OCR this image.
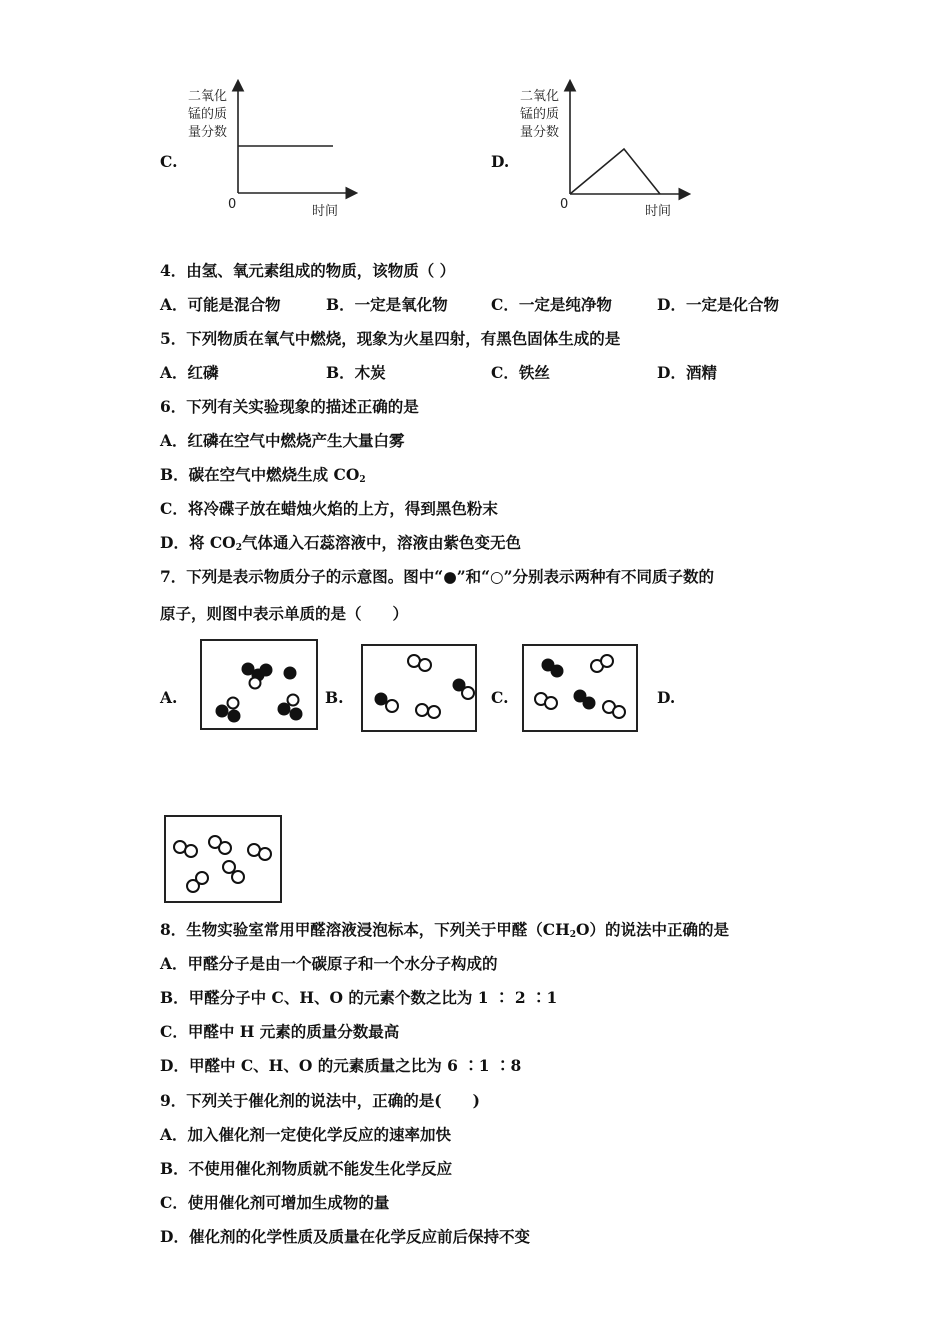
C.	D.
二氧化
锰的质
量分数
0	时间
二氧化
锰的质
量分数
0	时间
4．由氢、氧元素组成的物质，该物质（ ）
A．可能是混合物	B．一定是氧化物	C．一定是纯净物	D．一定是化合物
5．下列物质在氧气中燃烧，现象为火星四射，有黑色固体生成的是
A．红磷	B．木炭	C．铁丝	D．酒精
6．下列有关实验现象的描述正确的是
A．红磷在空气中燃烧产生大量白雾
B．碳在空气中燃烧生成 $CO_2$
C．将冷碟子放在蜡烛火焰的上方，得到黑色粉末
D．将 $CO_2$气体通入石蕊溶液中，溶液由紫色变无色
7．下列是表示物质分子的示意图。图中“●”和“○”分别表示两种有不同质子数的
原子，则图中表示单质的是（　　）
A.	B.	C.	D.
8．生物实验室常用甲醛溶液浸泡标本，下列关于甲醛$(CH_2O)$的说法中正确的是
A．甲醛分子是由一个碳原子和一个水分子构成的
B．甲醛分子中 C、H、O 的元素个数之比为 1 ∶ 2 ∶1
C．甲醛中 H 元素的质量分数最高
D．甲醛中 C、H、O 的元素质量之比为 6 ∶1 ∶8
9．下列关于催化剂的说法中，正确的是(　　)
A．加入催化剂一定使化学反应的速率加快
B．不使用催化剂物质就不能发生化学反应
C．使用催化剂可增加生成物的量
D．催化剂的化学性质及质量在化学反应前后保持不变
